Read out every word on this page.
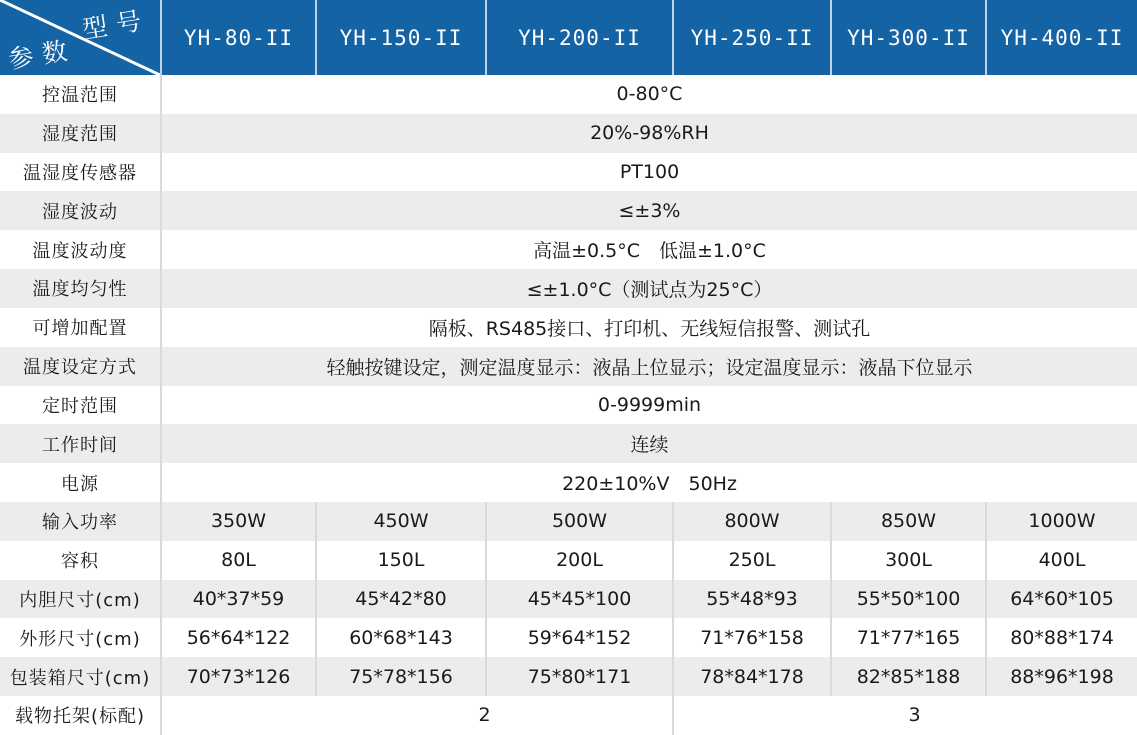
型号
参数	YH-80-II	YH-150-II	YH-200-II	YH-250-II	YH-300-II	YH-400-II
控温范围	0-80°C
湿度范围	20%-98%RH
温湿度传感器	PT100
湿度波动	≤±3%
温度波动度	高温±0.5°C　低温±1.0°C
温度均匀性	≤±1.0°C（测试点为25°C）
可增加配置	隔板、RS485接口、打印机、无线短信报警、测试孔
温度设定方式	轻触按键设定，测定温度显示：液晶上位显示；设定温度显示：液晶下位显示
定时范围	0-9999min
工作时间	连续
电源	220±10%V　50Hz
输入功率	350W	450W	500W	800W	850W	1000W
容积	80L	150L	200L	250L	300L	400L
内胆尺寸(cm)	40*37*59	45*42*80	45*45*100	55*48*93	55*50*100	64*60*105
外形尺寸(cm)	56*64*122	60*68*143	59*64*152	71*76*158	71*77*165	80*88*174
包装箱尺寸(cm)	70*73*126	75*78*156	75*80*171	78*84*178	82*85*188	88*96*198
载物托架(标配)	2	3
